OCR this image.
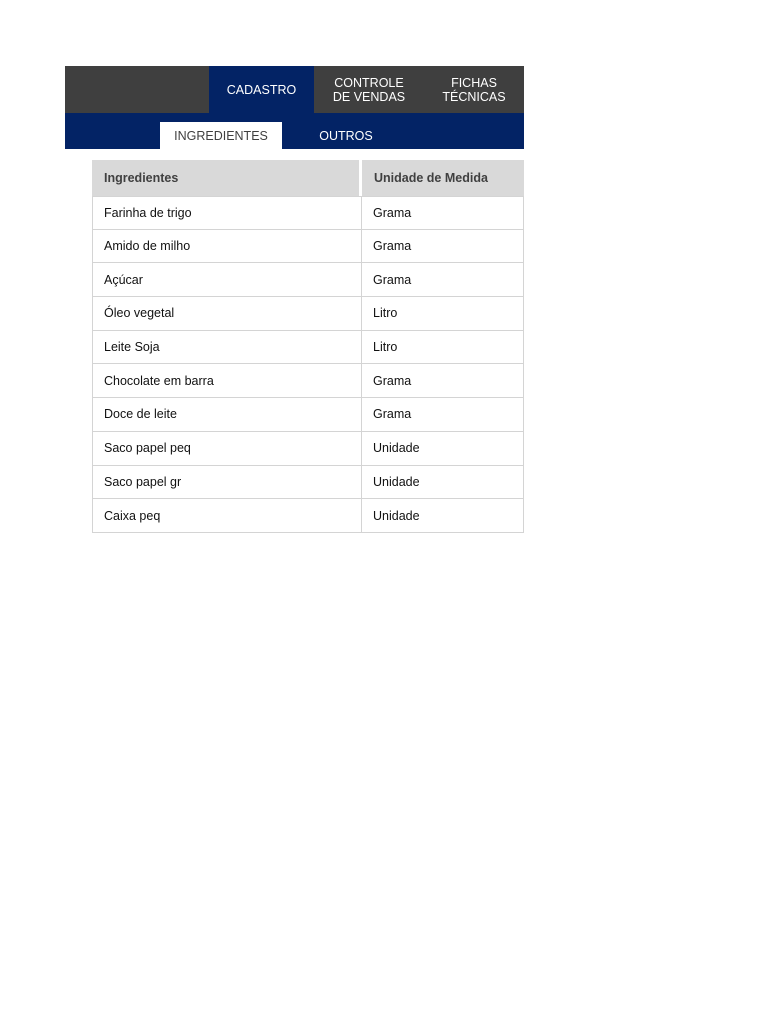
CADASTRO	CONTROLE
DE VENDAS
FICHAS
TÉCNICAS
INGREDIENTES	OUTROS
Ingredientes	Unidade de Medida
Farinha de trigo	Grama
Amido de milho	Grama
Açúcar	Grama
Óleo vegetal	Litro
Leite Soja	Litro
Chocolate em barra	Grama
Doce de leite	Grama
Saco papel peq	Unidade
Saco papel gr	Unidade
Caixa peq	Unidade
